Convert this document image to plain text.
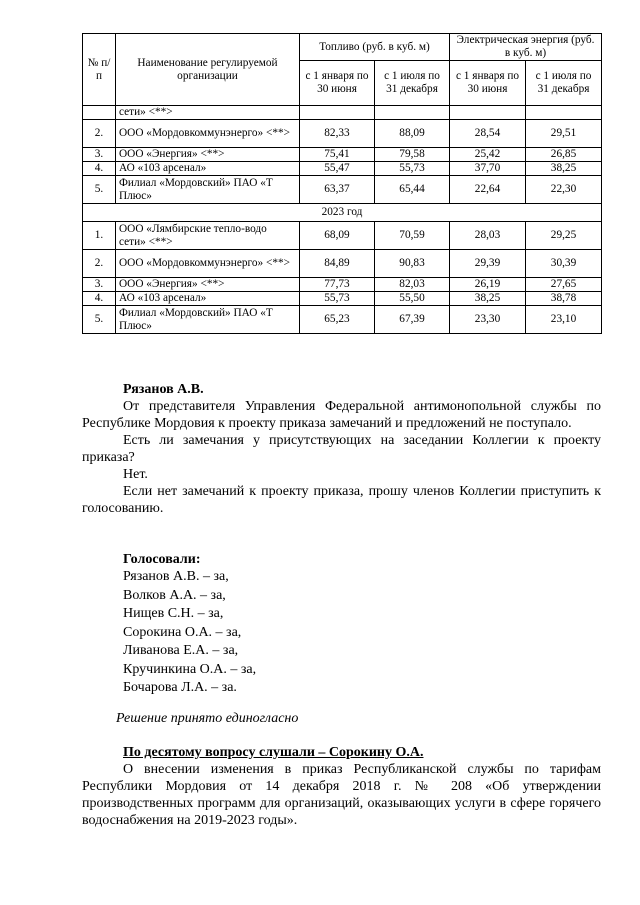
№ п/п	Наименование регулируемой организации	Топливо (руб. в куб. м)		Электрическая энергия (руб. в куб. м)	
		с 1 января по 30 июня	с 1 июля по 31 декабря	с 1 января по 30 июня	с 1 июля по 31 декабря
	сети» <**>				
2.	ООО «Мордовкоммунэнерго» <**>	82,33	88,09	28,54	29,51
3.	ООО «Энергия» <**>	75,41	79,58	25,42	26,85
4.	АО «103 арсенал»	55,47	55,73	37,70	38,25
5.	Филиал «Мордовский» ПАО «Т Плюс»	63,37	65,44	22,64	22,30
2023 год					
1.	ООО «Лямбирские тепло-водо сети» <**>	68,09	70,59	28,03	29,25
2.	ООО «Мордовкоммунэнерго» <**>	84,89	90,83	29,39	30,39
3.	ООО «Энергия» <**>	77,73	82,03	26,19	27,65
4.	АО «103 арсенал»	55,73	55,50	38,25	38,78
5.	Филиал «Мордовский» ПАО «Т Плюс»	65,23	67,39	23,30	23,10

Рязанов А.В.

От представителя Управления Федеральной антимонопольной службы по Республике Мордовия к проекту приказа замечаний и предложений не поступало.

Есть ли замечания у присутствующих на заседании Коллегии к проекту приказа?

Нет.

Если нет замечаний к проекту приказа, прошу членов Коллегии приступить к голосованию.

Голосовали:

Рязанов А.В. – за,
Волков А.А. – за,
Нищев С.Н. – за,
Сорокина О.А. – за,
Ливанова Е.А. – за,
Кручинкина О.А. – за,
Бочарова Л.А. – за.
Решение принято единогласно

По десятому вопросу слушали – Сорокину О.А.

О внесении изменения в приказ Республиканской службы по тарифам Республики Мордовия от 14 декабря 2018 г. № 208 «Об утверждении производственных программ для организаций, оказывающих услуги в сфере горячего водоснабжения на 2019-2023 годы».
